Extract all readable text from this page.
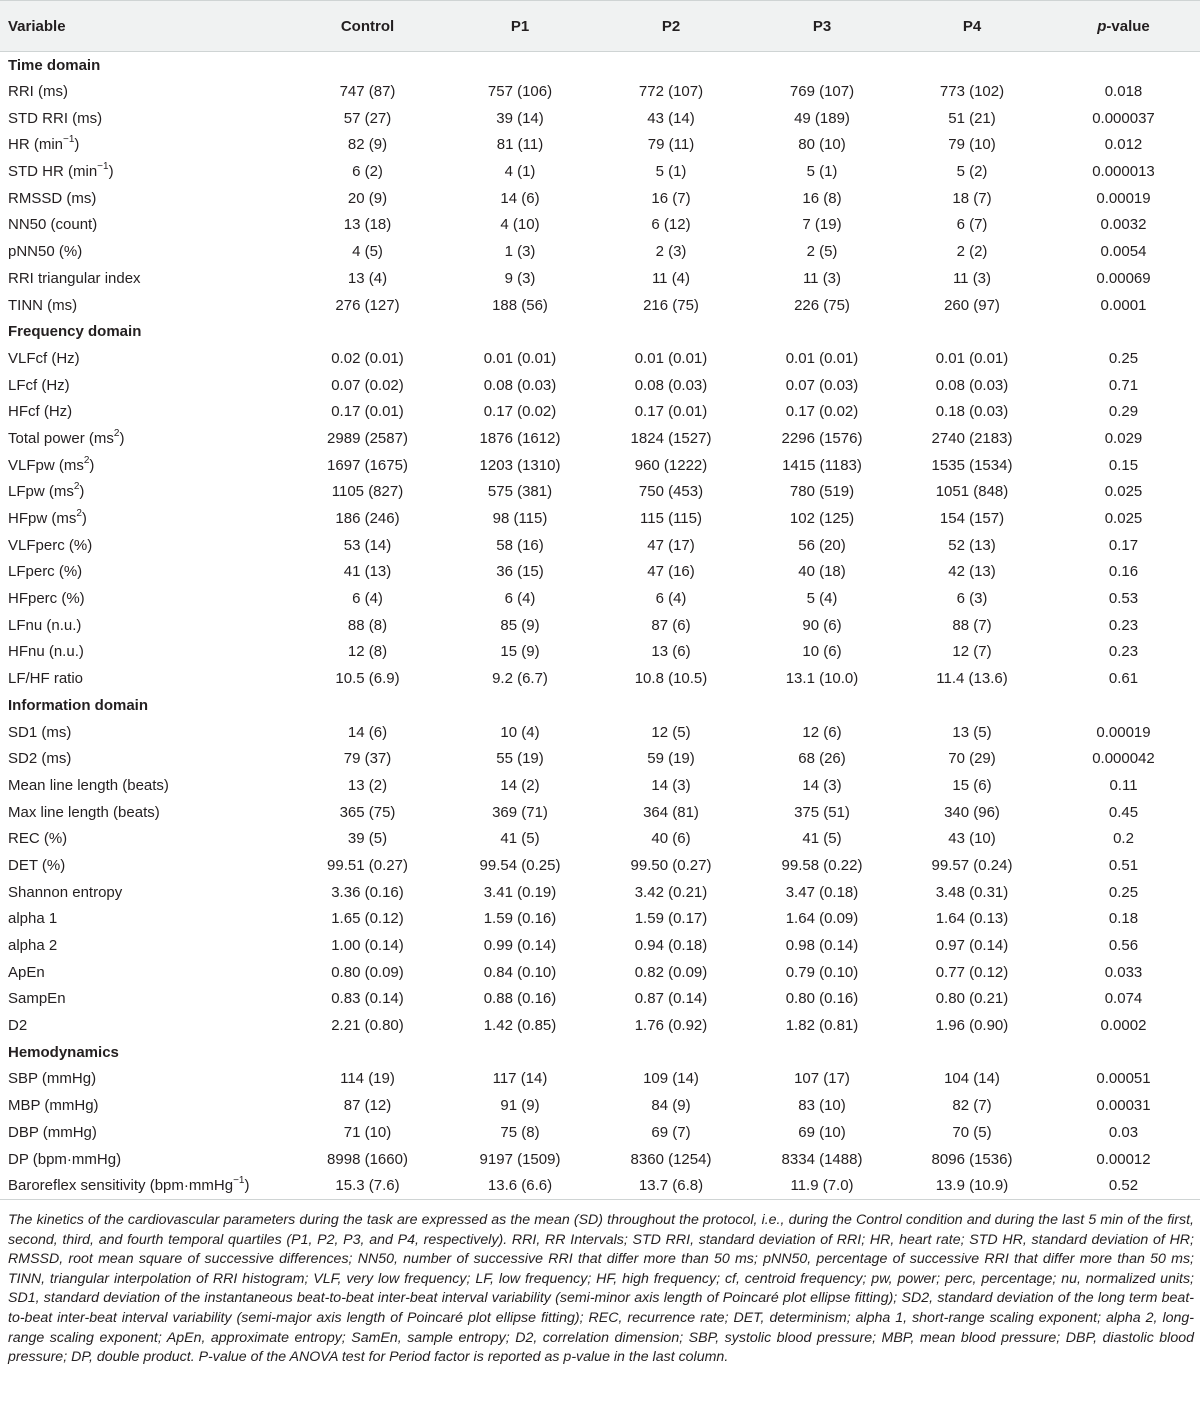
Variable	Control	P1	P2	P3	P4	p-value
Time domain						
RRI (ms)	747 (87)	757 (106)	772 (107)	769 (107)	773 (102)	0.018
STD RRI (ms)	57 (27)	39 (14)	43 (14)	49 (189)	51 (21)	0.000037
HR $(\min^{-1})$	82 (9)	81 (11)	79 (11)	80 (10)	79 (10)	0.012
STD HR $(\min^{-1})$	6 (2)	4 (1)	5 (1)	5 (1)	5 (2)	0.000013
RMSSD (ms)	20 (9)	14 (6)	16 (7)	16 (8)	18 (7)	0.00019
NN50 (count)	13 (18)	4 (10)	6 (12)	7 (19)	6 (7)	0.0032
pNN50 (%)	4 (5)	1 (3)	2 (3)	2 (5)	2 (2)	0.0054
RRI triangular index	13 (4)	9 (3)	11 (4)	11 (3)	11 (3)	0.00069
TINN (ms)	276 (127)	188 (56)	216 (75)	226 (75)	260 (97)	0.0001
Frequency domain						
VLFcf (Hz)	0.02 (0.01)	0.01 (0.01)	0.01 (0.01)	0.01 (0.01)	0.01 (0.01)	0.25
LFcf (Hz)	0.07 (0.02)	0.08 (0.03)	0.08 (0.03)	0.07 (0.03)	0.08 (0.03)	0.71
HFcf (Hz)	0.17 (0.01)	0.17 (0.02)	0.17 (0.01)	0.17 (0.02)	0.18 (0.03)	0.29
Total power $(ms^2)$	2989 (2587)	1876 (1612)	1824 (1527)	2296 (1576)	2740 (2183)	0.029
VLFpw $(ms^2)$	1697 (1675)	1203 (1310)	960 (1222)	1415 (1183)	1535 (1534)	0.15
LFpw $(ms^2)$	1105 (827)	575 (381)	750 (453)	780 (519)	1051 (848)	0.025
HFpw $(ms^2)$	186 (246)	98 (115)	115 (115)	102 (125)	154 (157)	0.025
VLFperc (%)	53 (14)	58 (16)	47 (17)	56 (20)	52 (13)	0.17
LFperc (%)	41 (13)	36 (15)	47 (16)	40 (18)	42 (13)	0.16
HFperc (%)	6 (4)	6 (4)	6 (4)	5 (4)	6 (3)	0.53
LFnu (n.u.)	88 (8)	85 (9)	87 (6)	90 (6)	88 (7)	0.23
HFnu (n.u.)	12 (8)	15 (9)	13 (6)	10 (6)	12 (7)	0.23
LF/HF ratio	10.5 (6.9)	9.2 (6.7)	10.8 (10.5)	13.1 (10.0)	11.4 (13.6)	0.61
Information domain						
SD1 (ms)	14 (6)	10 (4)	12 (5)	12 (6)	13 (5)	0.00019
SD2 (ms)	79 (37)	55 (19)	59 (19)	68 (26)	70 (29)	0.000042
Mean line length (beats)	13 (2)	14 (2)	14 (3)	14 (3)	15 (6)	0.11
Max line length (beats)	365 (75)	369 (71)	364 (81)	375 (51)	340 (96)	0.45
REC (%)	39 (5)	41 (5)	40 (6)	41 (5)	43 (10)	0.2
DET (%)	99.51 (0.27)	99.54 (0.25)	99.50 (0.27)	99.58 (0.22)	99.57 (0.24)	0.51
Shannon entropy	3.36 (0.16)	3.41 (0.19)	3.42 (0.21)	3.47 (0.18)	3.48 (0.31)	0.25
alpha 1	1.65 (0.12)	1.59 (0.16)	1.59 (0.17)	1.64 (0.09)	1.64 (0.13)	0.18
alpha 2	1.00 (0.14)	0.99 (0.14)	0.94 (0.18)	0.98 (0.14)	0.97 (0.14)	0.56
ApEn	0.80 (0.09)	0.84 (0.10)	0.82 (0.09)	0.79 (0.10)	0.77 (0.12)	0.033
SampEn	0.83 (0.14)	0.88 (0.16)	0.87 (0.14)	0.80 (0.16)	0.80 (0.21)	0.074
D2	2.21 (0.80)	1.42 (0.85)	1.76 (0.92)	1.82 (0.81)	1.96 (0.90)	0.0002
Hemodynamics						
SBP (mmHg)	114 (19)	117 (14)	109 (14)	107 (17)	104 (14)	0.00051
MBP (mmHg)	87 (12)	91 (9)	84 (9)	83 (10)	82 (7)	0.00031
DBP (mmHg)	71 (10)	75 (8)	69 (7)	69 (10)	70 (5)	0.03
DP (bpm·mmHg)	8998 (1660)	9197 (1509)	8360 (1254)	8334 (1488)	8096 (1536)	0.00012
Baroreflex sensitivity (bpm·mmHg$^{-1}$)	15.3 (7.6)	13.6 (6.6)	13.7 (6.8)	11.9 (7.0)	13.9 (10.9)	0.52
The kinetics of the cardiovascular parameters during the task are expressed as the mean (SD) throughout the protocol, i.e., during the Control condition and during the last 5 min of the first, second, third, and fourth temporal quartiles (P1, P2, P3, and P4, respectively). RRI, RR Intervals; STD RRI, standard deviation of RRI; HR, heart rate; STD HR, standard deviation of HR; RMSSD, root mean square of successive differences; NN50, number of successive RRI that differ more than 50 ms; pNN50, percentage of successive RRI that differ more than 50 ms; TINN, triangular interpolation of RRI histogram; VLF, very low frequency; LF, low frequency; HF, high frequency; cf, centroid frequency; pw, power; perc, percentage; nu, normalized units; SD1, standard deviation of the instantaneous beat-to-beat inter-beat interval variability (semi-minor axis length of Poincaré plot ellipse fitting); SD2, standard deviation of the long term beat-to-beat inter-beat interval variability (semi-major axis length of Poincaré plot ellipse fitting); REC, recurrence rate; DET, determinism; alpha 1, short-range scaling exponent; alpha 2, long-range scaling exponent; ApEn, approximate entropy; SamEn, sample entropy; D2, correlation dimension; SBP, systolic blood pressure; MBP, mean blood pressure; DBP, diastolic blood pressure; DP, double product. P-value of the ANOVA test for Period factor is reported as p-value in the last column.
